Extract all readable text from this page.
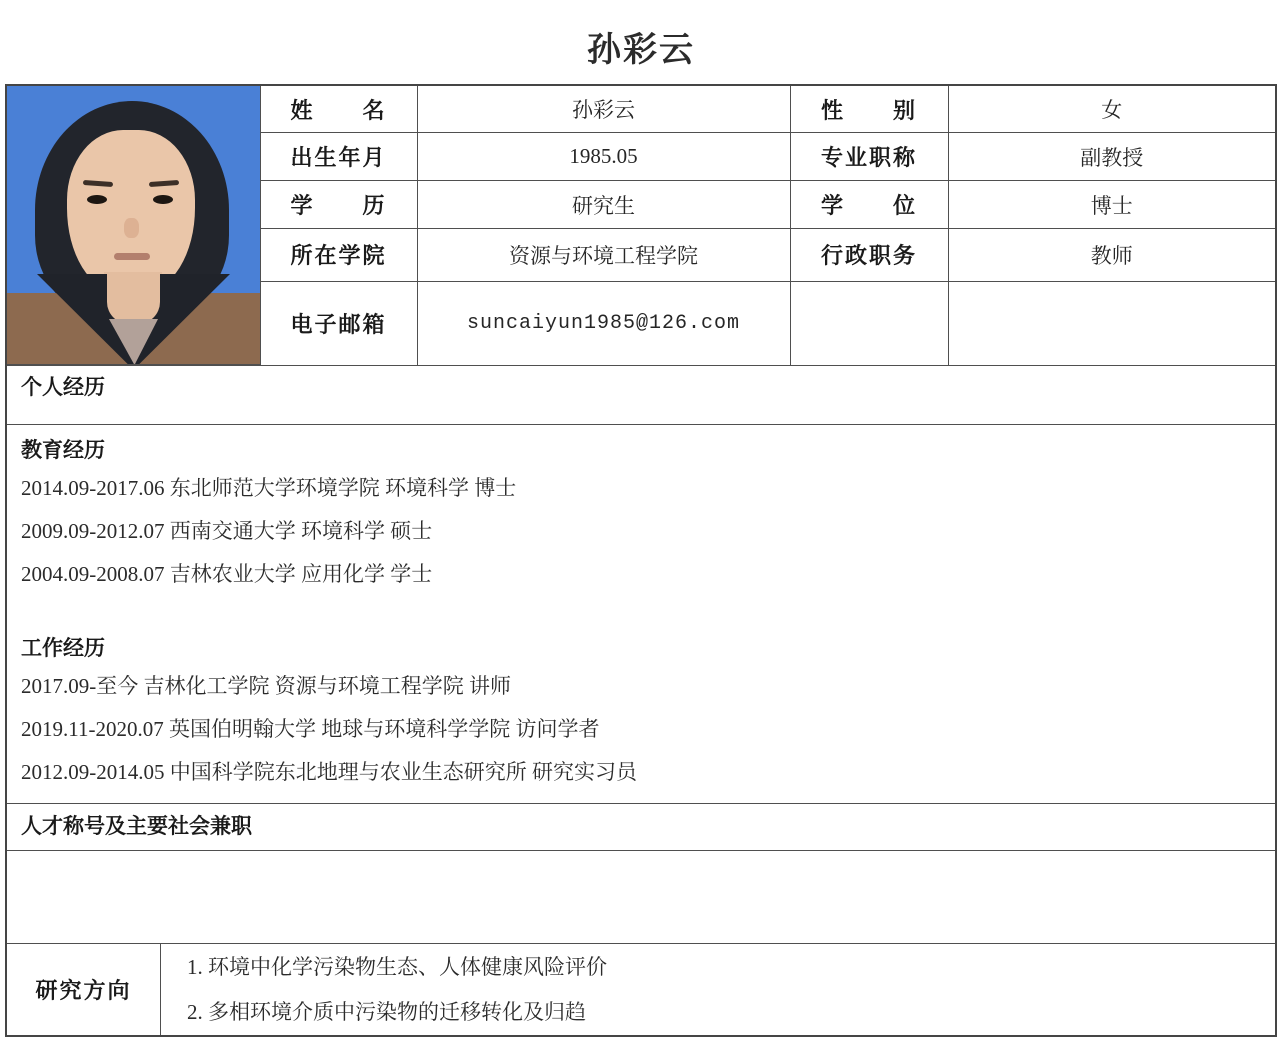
孙彩云
	姓　　名	孙彩云	性　　别	女
	出生年月	1985.05	专业职称	副教授
	学　　历	研究生	学　　位	博士
	所在学院	资源与环境工程学院	行政职务	教师
	电子邮箱	suncaiyun1985@126.com		
个人经历
教育经历

2014.09-2017.06 东北师范大学环境学院 环境科学 博士

2009.09-2012.07 西南交通大学 环境科学 硕士

2004.09-2008.07 吉林农业大学 应用化学 学士

工作经历

2017.09-至今 吉林化工学院 资源与环境工程学院 讲师

2019.11-2020.07 英国伯明翰大学 地球与环境科学学院 访问学者

2012.09-2014.05 中国科学院东北地理与农业生态研究所 研究实习员

人才称号及主要社会兼职
研究方向

1. 环境中化学污染物生态、人体健康风险评价

2. 多相环境介质中污染物的迁移转化及归趋
